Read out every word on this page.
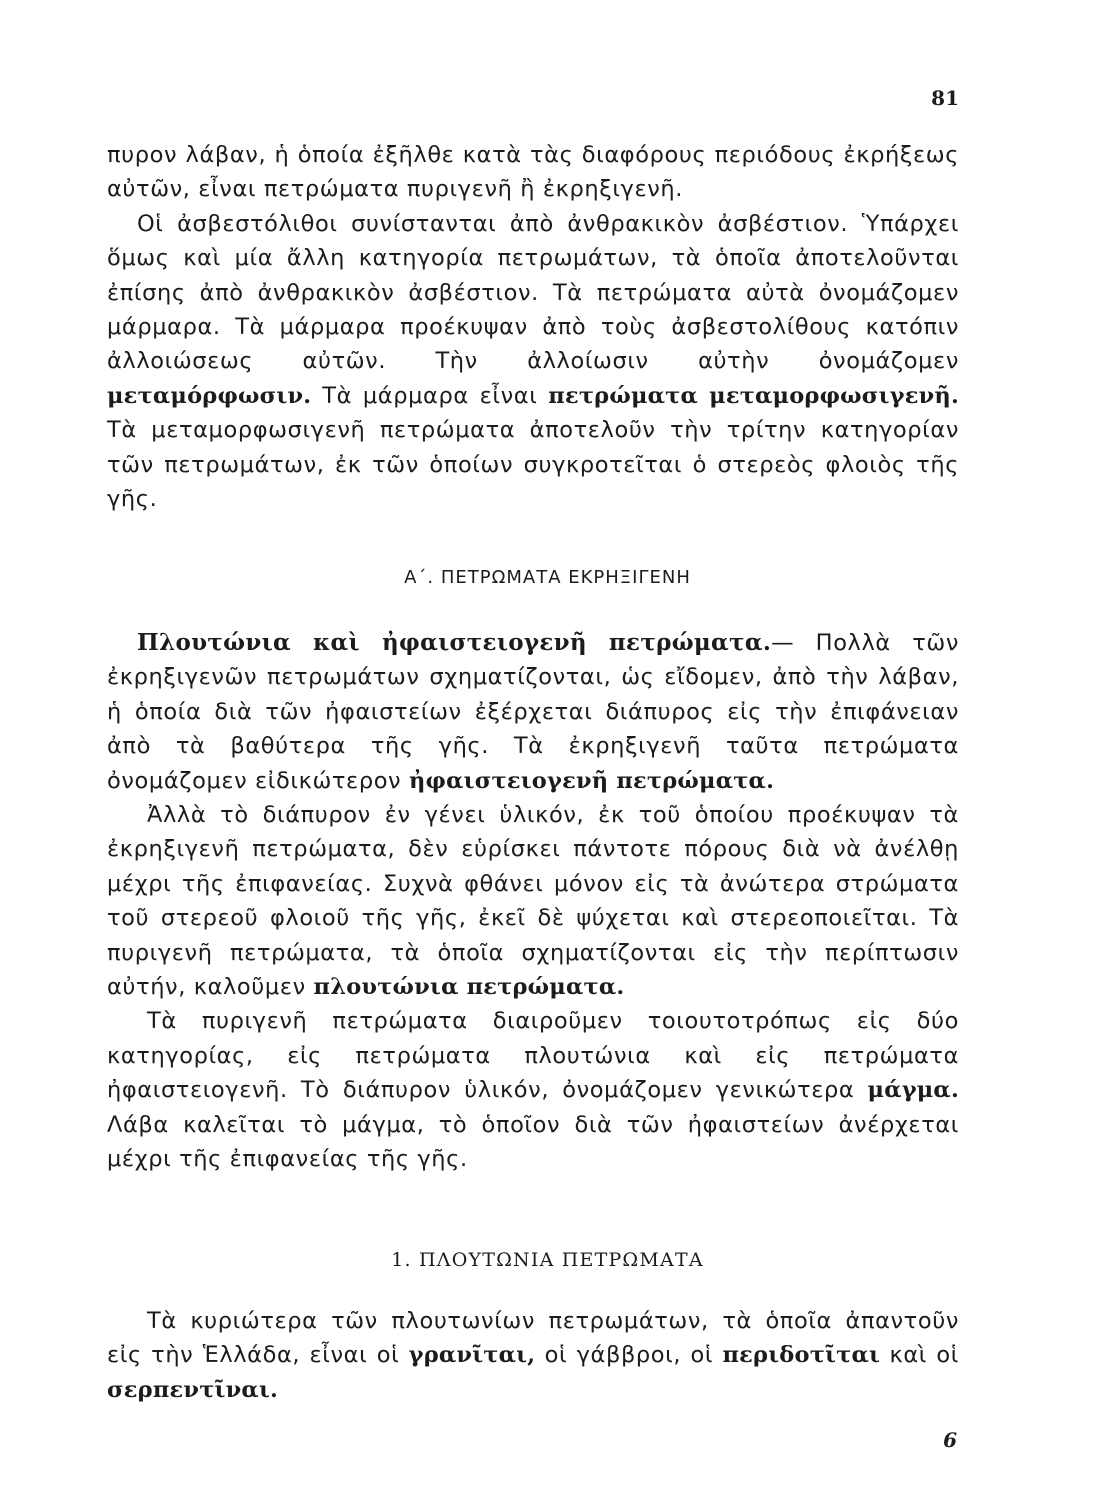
81

πυρον λάβαν, ἡ ὁποία ἐξῆλθε κατὰ τὰς διαφόρους περιόδους ἐκρήξεως αὐτῶν, εἶναι πετρώματα πυριγενῆ ἢ ἐκρηξιγενῆ.

Οἱ ἀσβεστόλιθοι συνίστανται ἀπὸ ἀνθρακικὸν ἀσβέστιον. Ὑπάρχει ὅμως καὶ μία ἄλλη κατηγορία πετρωμάτων, τὰ ὁποῖα ἀποτελοῦνται ἐπίσης ἀπὸ ἀνθρακικὸν ἀσβέστιον. Τὰ πετρώματα αὐτὰ ὀνομάζομεν μάρμαρα. Τὰ μάρμαρα προέκυψαν ἀπὸ τοὺς ἀσβεστολίθους κατόπιν ἀλλοιώσεως αὐτῶν. Τὴν ἀλλοίωσιν αὐτὴν ὀνομάζομεν μεταμόρφωσιν. Τὰ μάρμαρα εἶναι πετρώματα μεταμορφωσιγενῆ. Τὰ μεταμορφωσιγενῆ πετρώματα ἀποτελοῦν τὴν τρίτην κατηγορίαν τῶν πετρωμάτων, ἐκ τῶν ὁποίων συγκροτεῖται ὁ στερεὸς φλοιὸς τῆς γῆς.

Α΄. ΠΕΤΡΩΜΑΤΑ ΕΚΡΗΞΙΓΕΝΗ

Πλουτώνια καὶ ἠφαιστειογενῆ πετρώματα.— Πολλὰ τῶν ἐκρηξιγενῶν πετρωμάτων σχηματίζονται, ὡς εἴδομεν, ἀπὸ τὴν λάβαν, ἡ ὁποία διὰ τῶν ἠφαιστείων ἐξέρχεται διάπυρος εἰς τὴν ἐπιφάνειαν ἀπὸ τὰ βαθύτερα τῆς γῆς. Τὰ ἐκρηξιγενῆ ταῦτα πετρώματα ὀνομάζομεν εἰδικώτερον ἠφαιστειογενῆ πετρώματα.

Ἀλλὰ τὸ διάπυρον ἐν γένει ὑλικόν, ἐκ τοῦ ὁποίου προέκυψαν τὰ ἐκρηξιγενῆ πετρώματα, δὲν εὑρίσκει πάντοτε πόρους διὰ νὰ ἀνέλθῃ μέχρι τῆς ἐπιφανείας. Συχνὰ φθάνει μόνον εἰς τὰ ἀνώτερα στρώματα τοῦ στερεοῦ φλοιοῦ τῆς γῆς, ἐκεῖ δὲ ψύχεται καὶ στερεοποιεῖται. Τὰ πυριγενῆ πετρώματα, τὰ ὁποῖα σχηματίζονται εἰς τὴν περίπτωσιν αὐτήν, καλοῦμεν πλουτώνια πετρώματα.

Τὰ πυριγενῆ πετρώματα διαιροῦμεν τοιουτοτρόπως εἰς δύο κατηγορίας, εἰς πετρώματα πλουτώνια καὶ εἰς πετρώματα ἠφαιστειογενῆ. Τὸ διάπυρον ὑλικόν, ὀνομάζομεν γενικώτερα μάγμα. Λάβα καλεῖται τὸ μάγμα, τὸ ὁποῖον διὰ τῶν ἠφαιστείων ἀνέρχεται μέχρι τῆς ἐπιφανείας τῆς γῆς.

1. ΠΛΟΥΤΩΝΙΑ ΠΕΤΡΩΜΑΤΑ

Τὰ κυριώτερα τῶν πλουτωνίων πετρωμάτων, τὰ ὁποῖα ἀπαντοῦν εἰς τὴν Ἑλλάδα, εἶναι οἱ γρανῖται, οἱ γάββροι, οἱ περιδοτῖται καὶ οἱ σερπεντῖναι.

6
